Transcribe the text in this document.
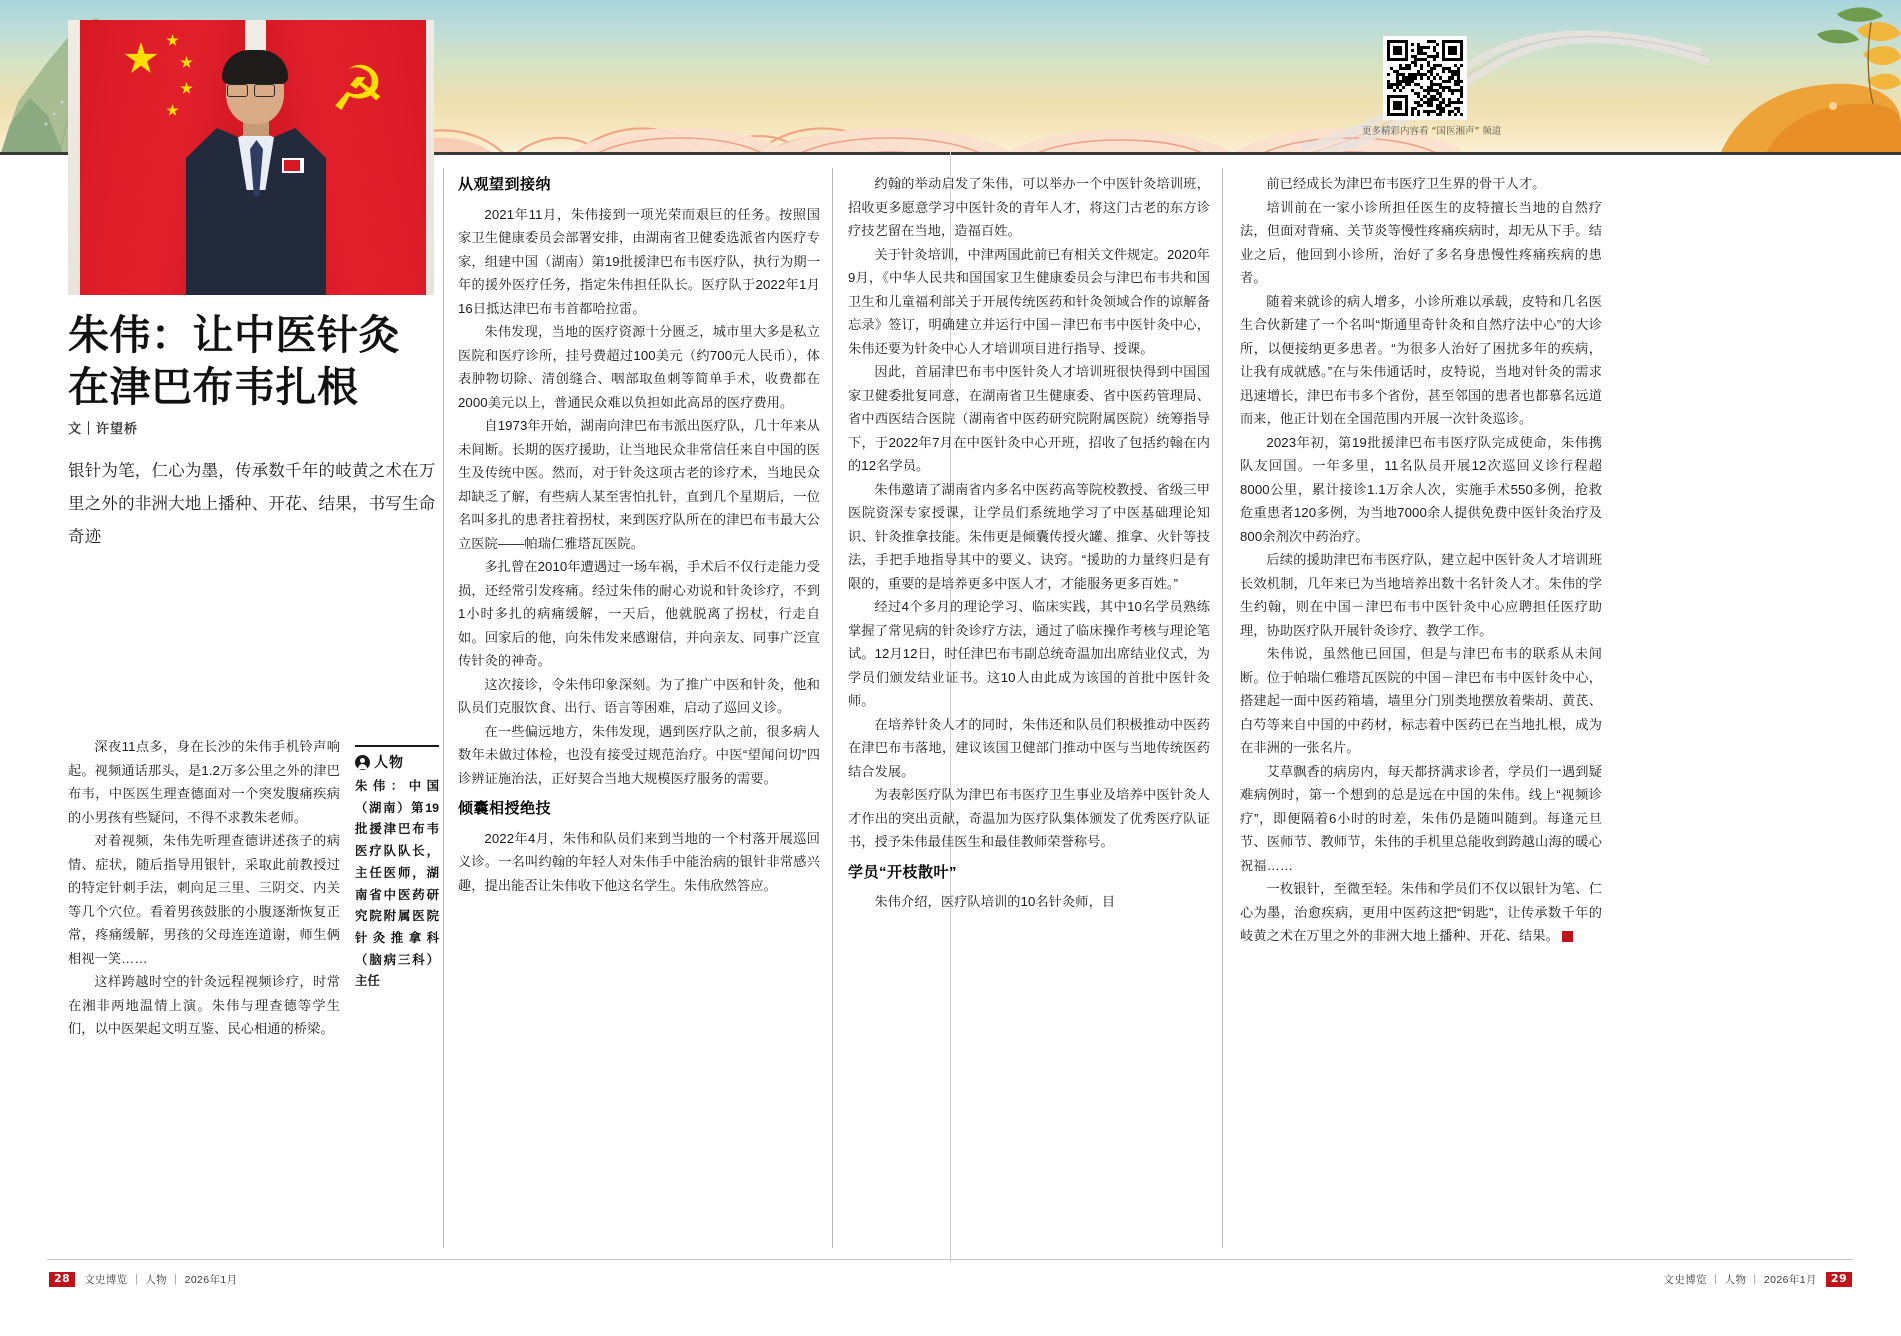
更多精彩内容看 “国医湘声” 频道
☭
朱伟：让中医针灸在津巴布韦扎根
文｜许望桥
银针为笔，仁心为墨，传承数千年的岐黄之术在万里之外的非洲大地上播种、开花、结果，书写生命奇迹

深夜11点多，身在长沙的朱伟手机铃声响起。视频通话那头，是1.2万多公里之外的津巴布韦，中医医生理查德面对一个突发腹痛疾病的小男孩有些疑问，不得不求教朱老师。

对着视频，朱伟先听理查德讲述孩子的病情、症状，随后指导用银针，采取此前教授过的特定针刺手法，刺向足三里、三阴交、内关等几个穴位。看着男孩鼓胀的小腹逐渐恢复正常，疼痛缓解，男孩的父母连连道谢，师生俩相视一笑……

这样跨越时空的针灸远程视频诊疗，时常在湘非两地温情上演。朱伟与理查德等学生们，以中医架起文明互鉴、民心相通的桥梁。

从观望到接纳

2021年11月，朱伟接到一项光荣而艰巨的任务。按照国家卫生健康委员会部署安排，由湖南省卫健委选派省内医疗专家，组建中国（湖南）第19批援津巴布韦医疗队，执行为期一年的援外医疗任务，指定朱伟担任队长。医疗队于2022年1月16日抵达津巴布韦首都哈拉雷。

朱伟发现，当地的医疗资源十分匮乏，城市里大多是私立医院和医疗诊所，挂号费超过100美元（约700元人民币），体表肿物切除、清创缝合、咽部取鱼刺等简单手术，收费都在2000美元以上，普通民众难以负担如此高昂的医疗费用。

自1973年开始，湖南向津巴布韦派出医疗队，几十年来从未间断。长期的医疗援助，让当地民众非常信任来自中国的医生及传统中医。然而，对于针灸这项古老的诊疗术，当地民众却缺乏了解，有些病人某至害怕扎针，直到几个星期后，一位名叫多扎的患者拄着拐杖，来到医疗队所在的津巴布韦最大公立医院——帕瑞仁雅塔瓦医院。

多扎曾在2010年遭遇过一场车祸，手术后不仅行走能力受损，还经常引发疼痛。经过朱伟的耐心劝说和针灸诊疗，不到1小时多扎的病痛缓解，一天后，他就脱离了拐杖，行走自如。回家后的他，向朱伟发来感谢信，并向亲友、同事广泛宣传针灸的神奇。

这次接诊，令朱伟印象深刻。为了推广中医和针灸，他和队员们克服饮食、出行、语言等困难，启动了巡回义诊。

在一些偏远地方，朱伟发现，遇到医疗队之前，很多病人数年未做过体检，也没有接受过规范治疗。中医“望闻问切”四诊辨证施治法，正好契合当地大规模医疗服务的需要。

倾囊相授绝技

2022年4月，朱伟和队员们来到当地的一个村落开展巡回义诊。一名叫约翰的年轻人对朱伟手中能治病的银针非常感兴趣，提出能否让朱伟收下他这名学生。朱伟欣然答应。

约翰的举动启发了朱伟，可以举办一个中医针灸培训班，招收更多愿意学习中医针灸的青年人才，将这门古老的东方诊疗技艺留在当地，造福百姓。

关于针灸培训，中津两国此前已有相关文件规定。2020年9月，《中华人民共和国国家卫生健康委员会与津巴布韦共和国卫生和儿童福利部关于开展传统医药和针灸领域合作的谅解备忘录》签订，明确建立并运行中国－津巴布韦中医针灸中心，朱伟还要为针灸中心人才培训项目进行指导、授课。

因此，首届津巴布韦中医针灸人才培训班很快得到中国国家卫健委批复同意，在湖南省卫生健康委、省中医药管理局、省中西医结合医院（湖南省中医药研究院附属医院）统筹指导下，于2022年7月在中医针灸中心开班，招收了包括约翰在内的12名学员。

朱伟邀请了湖南省内多名中医药高等院校教授、省级三甲医院资深专家授课，让学员们系统地学习了中医基础理论知识、针灸推拿技能。朱伟更是倾囊传授火罐、推拿、火针等技法，手把手地指导其中的要义、诀窍。“援助的力量终归是有限的，重要的是培养更多中医人才，才能服务更多百姓。”

经过4个多月的理论学习、临床实践，其中10名学员熟练掌握了常见病的针灸诊疗方法，通过了临床操作考核与理论笔试。12月12日，时任津巴布韦副总统奇温加出席结业仪式，为学员们颁发结业证书。这10人由此成为该国的首批中医针灸师。

在培养针灸人才的同时，朱伟还和队员们积极推动中医药在津巴布韦落地，建议该国卫健部门推动中医与当地传统医药结合发展。

为表彰医疗队为津巴布韦医疗卫生事业及培养中医针灸人才作出的突出贡献，奇温加为医疗队集体颁发了优秀医疗队证书，授予朱伟最佳医生和最佳教师荣誉称号。

学员“开枝散叶”

朱伟介绍，医疗队培训的10名针灸师，目

前已经成长为津巴布韦医疗卫生界的骨干人才。

培训前在一家小诊所担任医生的皮特擅长当地的自然疗法，但面对背痛、关节炎等慢性疼痛疾病时，却无从下手。结业之后，他回到小诊所，治好了多名身患慢性疼痛疾病的患者。

随着来就诊的病人增多，小诊所难以承载，皮特和几名医生合伙新建了一个名叫“斯通里奇针灸和自然疗法中心”的大诊所，以便接纳更多患者。“为很多人治好了困扰多年的疾病，让我有成就感。”在与朱伟通话时，皮特说，当地对针灸的需求迅速增长，津巴布韦多个省份，甚至邻国的患者也都慕名远道而来，他正计划在全国范围内开展一次针灸巡诊。

2023年初，第19批援津巴布韦医疗队完成使命，朱伟携队友回国。一年多里，11名队员开展12次巡回义诊行程超8000公里，累计接诊1.1万余人次，实施手术550多例，抢救危重患者120多例，为当地7000余人提供免费中医针灸治疗及800余剂次中药治疗。

后续的援助津巴布韦医疗队，建立起中医针灸人才培训班长效机制，几年来已为当地培养出数十名针灸人才。朱伟的学生约翰，则在中国－津巴布韦中医针灸中心应聘担任医疗助理，协助医疗队开展针灸诊疗、教学工作。

朱伟说，虽然他已回国，但是与津巴布韦的联系从未间断。位于帕瑞仁雅塔瓦医院的中国－津巴布韦中医针灸中心，搭建起一面中医药箱墙，墙里分门别类地摆放着柴胡、黄芪、白芍等来自中国的中药材，标志着中医药已在当地扎根，成为在非洲的一张名片。

艾草飘香的病房内，每天都挤满求诊者，学员们一遇到疑难病例时，第一个想到的总是远在中国的朱伟。线上“视频诊疗”，即便隔着6小时的时差，朱伟仍是随叫随到。每逢元旦节、医师节、教师节，朱伟的手机里总能收到跨越山海的暖心祝福……

一枚银针，至微至轻。朱伟和学员们不仅以银针为笔、仁心为墨，治愈疾病，更用中医药这把“钥匙”，让传承数千年的岐黄之术在万里之外的非洲大地上播种、开花、结果。	R

人物
朱伟：中国（湖南）第19批援津巴布韦医疗队队长，主任医师，湖南省中医药研究院附属医院针灸推拿科（脑病三科）主任
28	文史博览 ｜ 人物 ｜ 2026年1月	文史博览 ｜ 人物 ｜ 2026年1月	29
